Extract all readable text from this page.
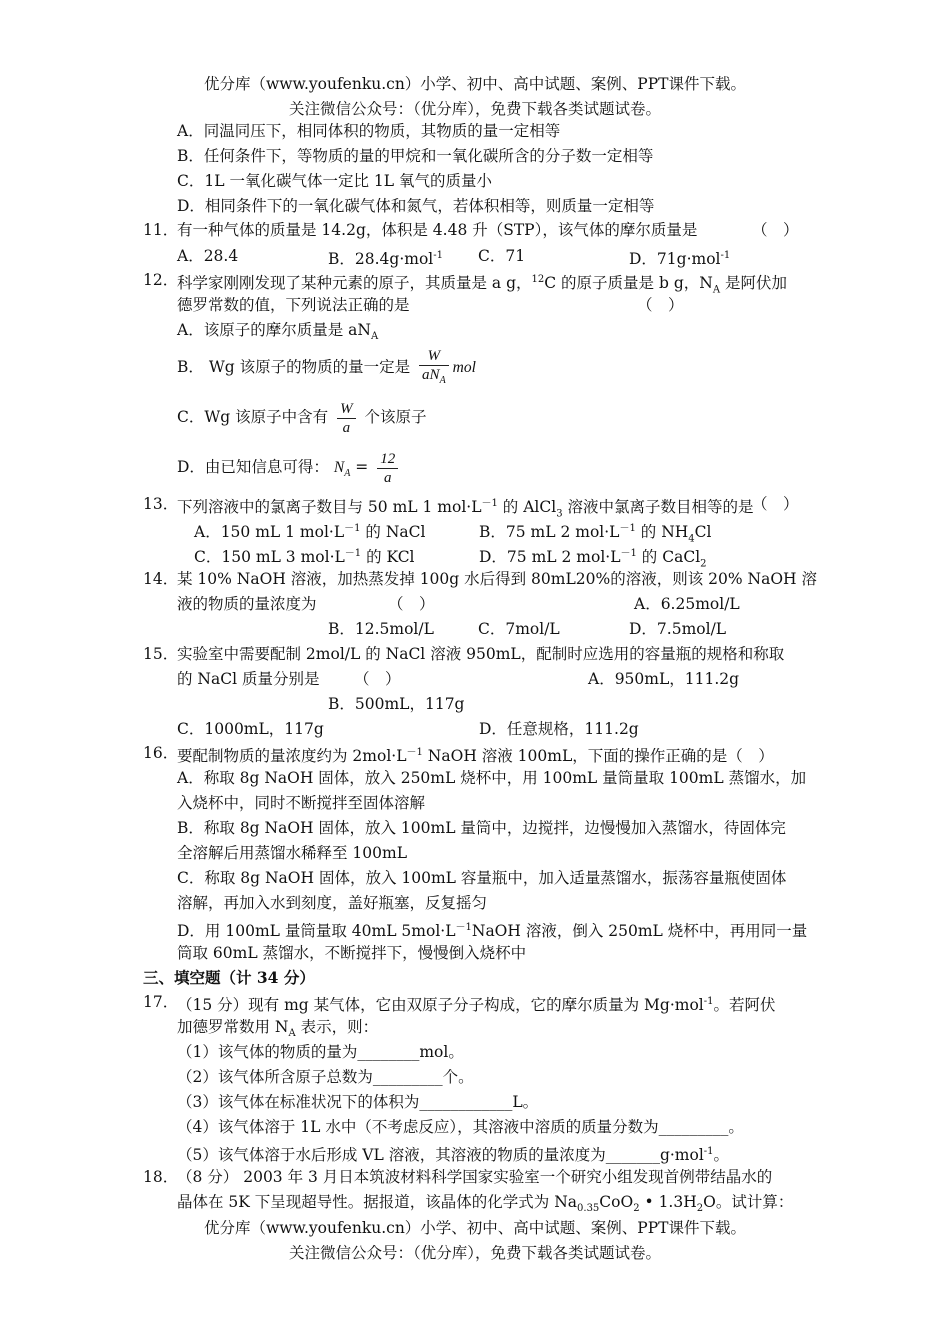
优分库（www.youfenku.cn）小学、初中、高中试题、案例、PPT课件下载。
关注微信公众号：（优分库），免费下载各类试题试卷。
A．同温同压下，相同体积的物质，其物质的量一定相等
B．任何条件下，等物质的量的甲烷和一氧化碳所含的分子数一定相等
C．1L 一氧化碳气体一定比 1L 氧气的质量小
D．相同条件下的一氧化碳气体和氮气，若体积相等，则质量一定相等
11．
有一种气体的质量是 14.2g，体积是 4.48 升（STP），该气体的摩尔质量是	（　）
A．28.4	B．28.4g·mol$^{-1}$ C．71	D．71g·mol$^{-1}$
12．
科学家刚刚发现了某种元素的原子，其质量是 a g，$^{12}$C 的原子质量是 b g，$N_A$ 是阿伏加
德罗常数的值，下列说法正确的是	（　）
A．该原子的摩尔质量是 $aN_A$
B． Wg 该原子的物质的量一定是 $\frac{W}{aN_A}$ mol
C．Wg 该原子中含有 $\frac{W}{a}$ 个该原子
D．由已知信息可得： $N_A = \frac{12}{a}$
13．
下列溶液中的氯离子数目与 50 mL 1 $mol\cdot L^{-1}$ 的 AlCl$_3$ 溶液中氯离子数目相等的是
（　）
A．150 mL 1 $mol\cdot L^{-1}$ 的 NaCl	B．75 mL 2 $mol\cdot L^{-1}$ 的 $NH_4Cl$
C．150 mL 3 $mol\cdot L^{-1}$ 的 KCl	D．75 mL 2 $mol\cdot L^{-1}$ 的 CaCl$_2$
14．
某 10% NaOH 溶液，加热蒸发掉 100g 水后得到 80mL20%的溶液，则该 20% NaOH 溶
液的物质的量浓度为	（　）	A．6.25mol/L
B．12.5mol/L	C．7mol/L	D．7.5mol/L
15．
实验室中需要配制 2mol/L 的 NaCl 溶液 950mL，配制时应选用的容量瓶的规格和称取
的 NaCl 质量分别是 （　）	A．950mL，111.2g
B．500mL，117g
C．1000mL，117g	D．任意规格，111.2g
16．
要配制物质的量浓度约为 $2mol\cdot L^{-1}$ NaOH 溶液 100mL，下面的操作正确的是（　）
A．称取 8g NaOH 固体，放入 250mL 烧杯中，用 100mL 量筒量取 100mL 蒸馏水，加
入烧杯中，同时不断搅拌至固体溶解
B．称取 8g NaOH 固体，放入 100mL 量筒中，边搅拌，边慢慢加入蒸馏水，待固体完
全溶解后用蒸馏水稀释至 100mL
C．称取 8g NaOH 固体，放入 100mL 容量瓶中，加入适量蒸馏水，振荡容量瓶使固体
溶解，再加入水到刻度，盖好瓶塞，反复摇匀
D．用 100mL 量筒量取 40mL $5mol\cdot L^{-1}NaOH$ 溶液，倒入 250mL 烧杯中，再用同一量
筒取 60mL 蒸馏水，不断搅拌下，慢慢倒入烧杯中
三、填空题（计 34 分）
17．
（15 分）现有 mg 某气体，它由双原子分子构成，它的摩尔质量为 Mg·mol$^{-1}$。若阿伏
加德罗常数用 $N_A$ 表示，则：
（1）该气体的物质的量为________mol。
（2）该气体所含原子总数为_________个。
（3）该气体在标准状况下的体积为____________L。
（4）该气体溶于 1L 水中（不考虑反应），其溶液中溶质的质量分数为_________。
（5）该气体溶于水后形成 VL 溶液，其溶液的物质的量浓度为_______g·mol$^{-1}$。
18．
（8 分） 2003 年 3 月日本筑波材料科学国家实验室一个研究小组发现首例带结晶水的
晶体在 5K 下呈现超导性。据报道，该晶体的化学式为 $Na_{0.35}CoO_2$ • $1.3H_2O$。试计算：
优分库（www.youfenku.cn）小学、初中、高中试题、案例、PPT课件下载。
关注微信公众号：（优分库），免费下载各类试题试卷。
